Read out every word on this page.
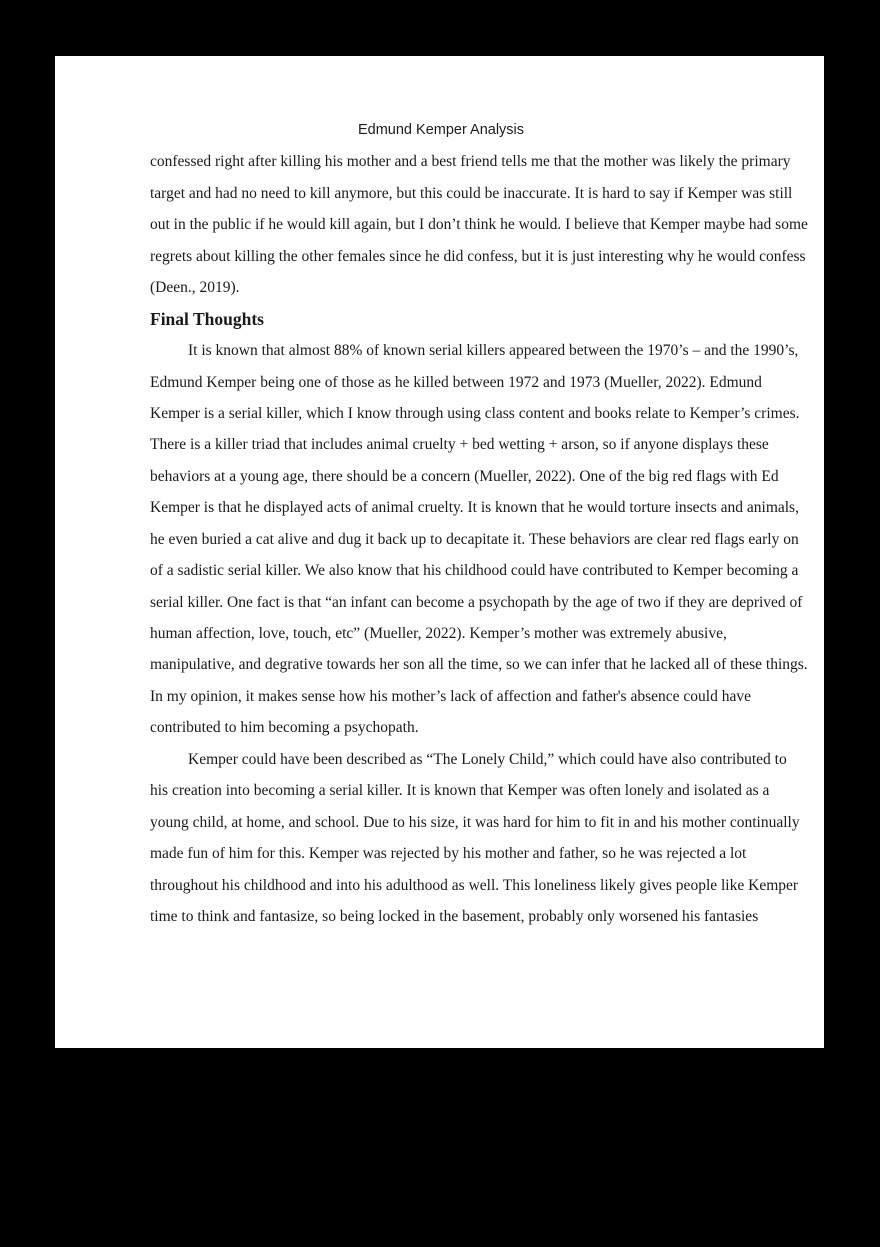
Edmund Kemper Analysis
confessed right after killing his mother and a best friend tells me that the mother was likely the primary
target and had no need to kill anymore, but this could be inaccurate. It is hard to say if Kemper was still
out in the public if he would kill again, but I don’t think he would. I believe that Kemper maybe had some
regrets about killing the other females since he did confess, but it is just interesting why he would confess
(Deen., 2019).
Final Thoughts
It is known that almost 88% of known serial killers appeared between the 1970’s – and the 1990’s,
Edmund Kemper being one of those as he killed between 1972 and 1973 (Mueller, 2022). Edmund
Kemper is a serial killer, which I know through using class content and books relate to Kemper’s crimes.
There is a killer triad that includes animal cruelty + bed wetting + arson, so if anyone displays these
behaviors at a young age, there should be a concern (Mueller, 2022). One of the big red flags with Ed
Kemper is that he displayed acts of animal cruelty. It is known that he would torture insects and animals,
he even buried a cat alive and dug it back up to decapitate it. These behaviors are clear red flags early on
of a sadistic serial killer. We also know that his childhood could have contributed to Kemper becoming a
serial killer. One fact is that “an infant can become a psychopath by the age of two if they are deprived of
human affection, love, touch, etc” (Mueller, 2022). Kemper’s mother was extremely abusive,
manipulative, and degrative towards her son all the time, so we can infer that he lacked all of these things.
In my opinion, it makes sense how his mother’s lack of affection and father's absence could have
contributed to him becoming a psychopath.
Kemper could have been described as “The Lonely Child,” which could have also contributed to
his creation into becoming a serial killer. It is known that Kemper was often lonely and isolated as a
young child, at home, and school. Due to his size, it was hard for him to fit in and his mother continually
made fun of him for this. Kemper was rejected by his mother and father, so he was rejected a lot
throughout his childhood and into his adulthood as well. This loneliness likely gives people like Kemper
time to think and fantasize, so being locked in the basement, probably only worsened his fantasies
